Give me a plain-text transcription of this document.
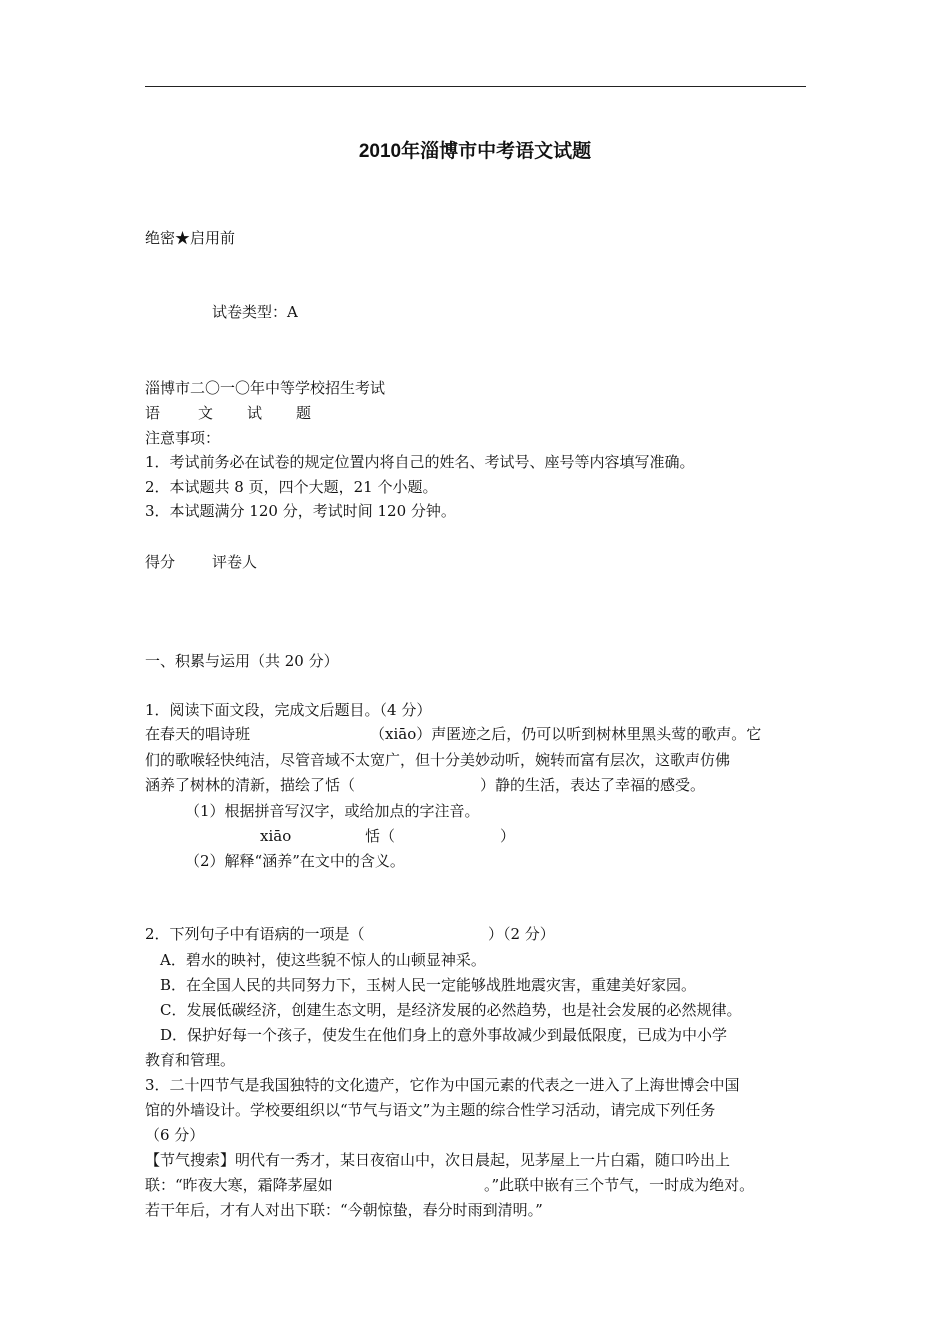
2010年淄博市中考语文试题
绝密★启用前
试卷类型：A
淄博市二〇一〇年中等学校招生考试
语	文 试 题
注意事项：
1．考试前务必在试卷的规定位置内将自己的姓名、考试号、座号等内容填写准确。
2．本试题共 8 页，四个大题，21 个小题。
3．本试题满分 120 分，考试时间 120 分钟。
得分 评卷人
一、积累与运用（共 20 分）
1．阅读下面文段，完成文后题目。（4 分）
在春天的唱诗班	（xiāo）声匿迹之后，仍可以听到树林里黑头莺的歌声。它
们的歌喉轻快纯洁，尽管音域不太宽广，但十分美妙动听，婉转而富有层次，这歌声仿佛
涵养了树林的清新，描绘了恬（	）静的生活，表达了幸福的感受。
（1）根据拼音写汉字，或给加点的字注音。
xiāo	恬（	）
（2）解释“涵养”在文中的含义。
2．下列句子中有语病的一项是（	）（2 分）
A．碧水的映衬，使这些貌不惊人的山顿显神采。
B．在全国人民的共同努力下，玉树人民一定能够战胜地震灾害，重建美好家园。
C．发展低碳经济，创建生态文明，是经济发展的必然趋势，也是社会发展的必然规律。
D．保护好每一个孩子，使发生在他们身上的意外事故减少到最低限度，已成为中小学
教育和管理。
3．二十四节气是我国独特的文化遗产，它作为中国元素的代表之一进入了上海世博会中国
馆的外墙设计。学校要组织以“节气与语文”为主题的综合性学习活动，请完成下列任务
（6 分）
【节气搜索】明代有一秀才，某日夜宿山中，次日晨起，见茅屋上一片白霜，随口吟出上
联：“昨夜大寒，霜降茅屋如	。”此联中嵌有三个节气，一时成为绝对。
若干年后，才有人对出下联：“今朝惊蛰，春分时雨到清明。”
